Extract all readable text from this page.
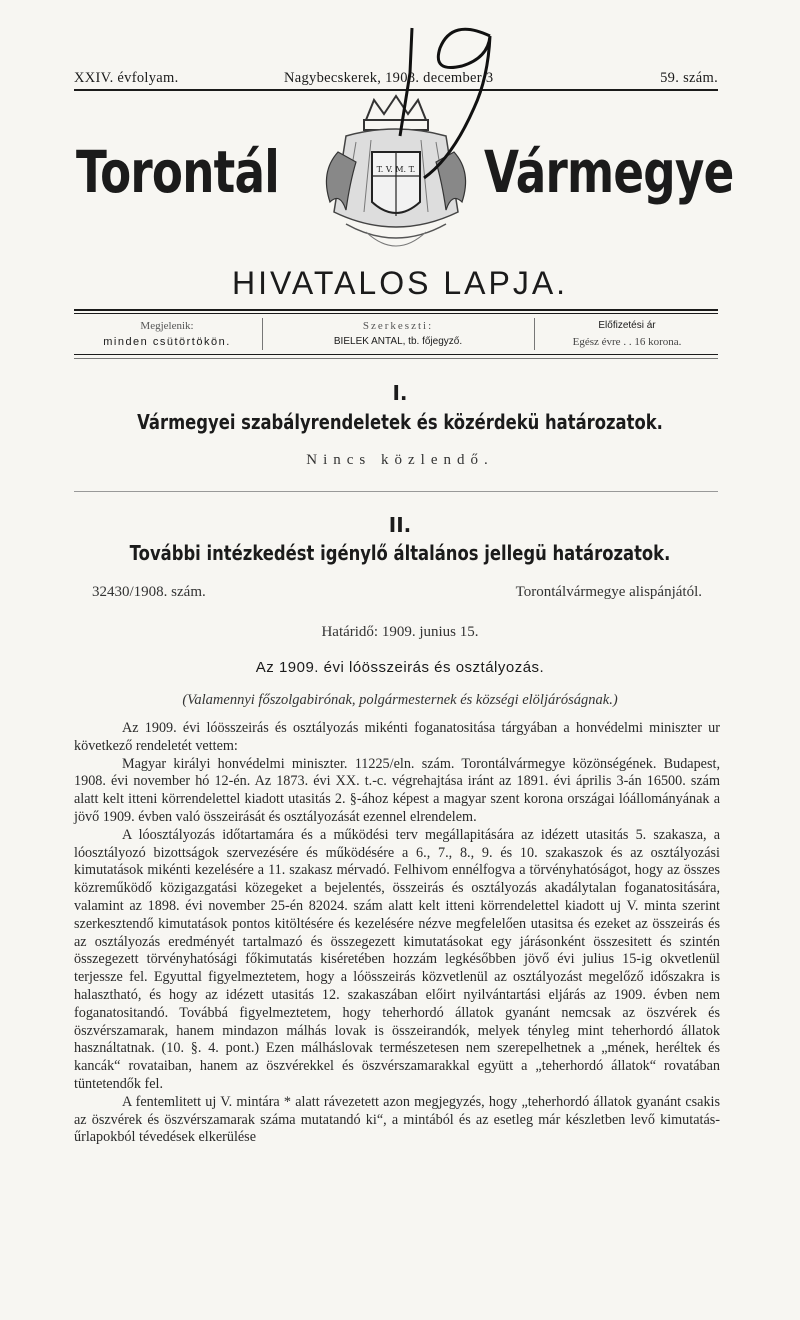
XXIV. évfolyam.	Nagybecskerek, 1908. december 3	59. szám.
Torontál	Vármegye
T. V. M. T.
HIVATALOS LAPJA.
Megjelenik:
minden csütörtökön.
Szerkeszti:
BIELEK ANTAL, tb. főjegyző.
Előfizetési ár
Egész évre . . 16 korona.
I.
Vármegyei szabályrendeletek és közérdekü határozatok.
Nincs közlendő.
II.
További intézkedést igénylő általános jellegü határozatok.
32430/1908. szám.	Torontálvármegye alispánjától.
Határidő: 1909. junius 15.
Az 1909. évi lóösszeirás és osztályozás.
(Valamennyi főszolgabirónak, polgármesternek és községi elöljáróságnak.)

Az 1909. évi lóösszeirás és osztályozás mikénti foganatositása tárgyában a honvédelmi miniszter ur következő rendeletét vettem:

Magyar királyi honvédelmi miniszter. 11225/eln. szám. Torontálvármegye közönségének. Budapest, 1908. évi november hó 12-én. Az 1873. évi XX. t.-c. végrehajtása iránt az 1891. évi április 3-án 16500. szám alatt kelt itteni körrendelettel kiadott utasitás 2. §-ához képest a magyar szent korona országai lóállományának a jövő 1909. évben való összeirását és osztályozását ezennel elrendelem.

A lóosztályozás időtartamára és a működési terv megállapitására az idézett utasitás 5. szakasza, a lóosztályozó bizottságok szervezésére és működésére a 6., 7., 8., 9. és 10. szakaszok és az osztályozási kimutatások mikénti kezelésére a 11. szakasz mérvadó. Felhivom ennélfogva a törvényhatóságot, hogy az összes közreműködő közigazgatási közegeket a bejelentés, összeirás és osztályozás akadálytalan foganatositására, valamint az 1898. évi november 25-én 82024. szám alatt kelt itteni körrendelettel kiadott uj V. minta szerint szerkesztendő kimutatások pontos kitöltésére és kezelésére nézve megfelelően utasitsa és ezeket az összeirás és az osztályozás eredményét tartalmazó és összegezett kimutatásokat egy járásonként összesitett és szintén összegezett törvényhatósági főkimutatás kiséretében hozzám legkésőbben jövő évi julius 15-ig okvetlenül terjessze fel. Egyuttal figyelmeztetem, hogy a lóösszeirás közvetlenül az osztályozást megelőző időszakra is halasztható, és hogy az idézett utasitás 12. szakaszában előirt nyilvántartási eljárás az 1909. évben nem foganatositandó. Továbbá figyelmeztetem, hogy teherhordó állatok gyanánt nemcsak az öszvérek és öszvérszamarak, hanem mindazon málhás lovak is összeirandók, melyek tényleg mint teherhordó állatok használtatnak. (10. §. 4. pont.) Ezen málháslovak természetesen nem szerepelhetnek a „mének, heréltek és kancák“ rovataiban, hanem az öszvérekkel és öszvérszamarakkal együtt a „teherhordó állatok“ rovatában tüntetendők fel.

A fentemlitett uj V. mintára * alatt rávezetett azon megjegyzés, hogy „teherhordó állatok gyanánt csakis az öszvérek és öszvérszamarak száma mutatandó ki“, a mintából és az esetleg már készletben levő kimutatás-űrlapokból tévedések elkerülése
